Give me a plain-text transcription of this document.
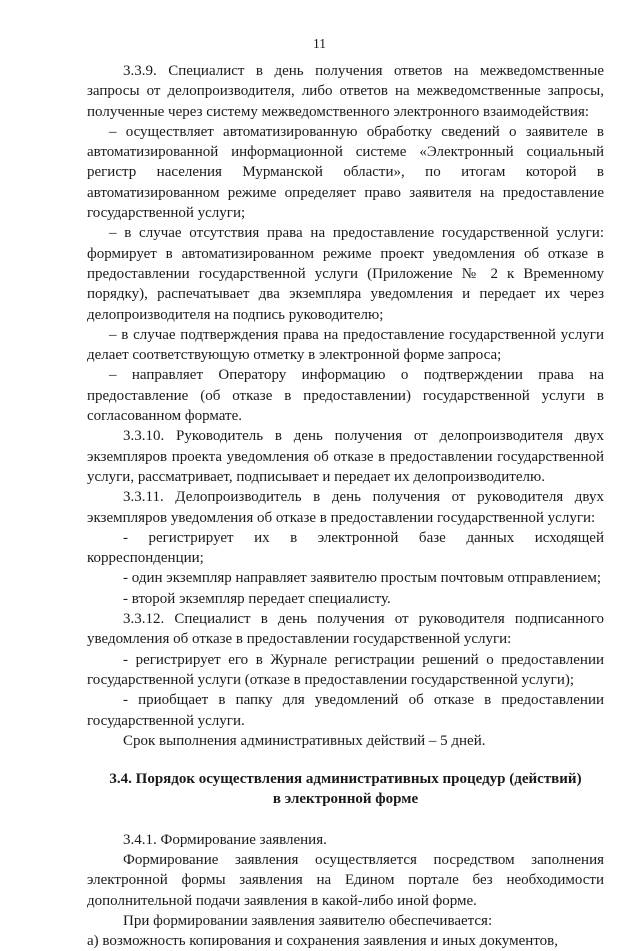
11

3.3.9. Специалист в день получения ответов на межведомственные запросы от делопроизводителя, либо ответов на межведомственные запросы, полученные через систему межведомственного электронного взаимодействия:

– осуществляет автоматизированную обработку сведений о заявителе в автоматизированной информационной системе «Электронный социальный регистр населения Мурманской области», по итогам которой в автоматизированном режиме определяет право заявителя на предоставление государственной услуги;

– в случае отсутствия права на предоставление государственной услуги: формирует в автоматизированном режиме проект уведомления об отказе в предоставлении государственной услуги (Приложение № 2 к Временному порядку), распечатывает два экземпляра уведомления и передает их через делопроизводителя на подпись руководителю;

– в случае подтверждения права на предоставление государственной услуги делает соответствующую отметку в электронной форме запроса;

– направляет Оператору информацию о подтверждении права на предоставление (об отказе в предоставлении) государственной услуги в согласованном формате.

3.3.10. Руководитель в день получения от делопроизводителя двух экземпляров проекта уведомления об отказе в предоставлении государственной услуги, рассматривает, подписывает и передает их делопроизводителю.

3.3.11. Делопроизводитель в день получения от руководителя двух экземпляров уведомления об отказе в предоставлении государственной услуги:

- регистрирует их в электронной базе данных исходящей корреспонденции;

- один экземпляр направляет заявителю простым почтовым отправлением;

- второй экземпляр передает специалисту.

3.3.12. Специалист в день получения от руководителя подписанного уведомления об отказе в предоставлении государственной услуги:

- регистрирует его в Журнале регистрации решений о предоставлении государственной услуги (отказе в предоставлении государственной услуги);

- приобщает в папку для уведомлений об отказе в предоставлении государственной услуги.

Срок выполнения административных действий – 5 дней.

3.4. Порядок осуществления административных процедур (действий)
в электронной форме

3.4.1. Формирование заявления.

Формирование заявления осуществляется посредством заполнения электронной формы заявления на Едином портале без необходимости дополнительной подачи заявления в какой-либо иной форме.

При формировании заявления заявителю обеспечивается:

а) возможность копирования и сохранения заявления и иных документов,
